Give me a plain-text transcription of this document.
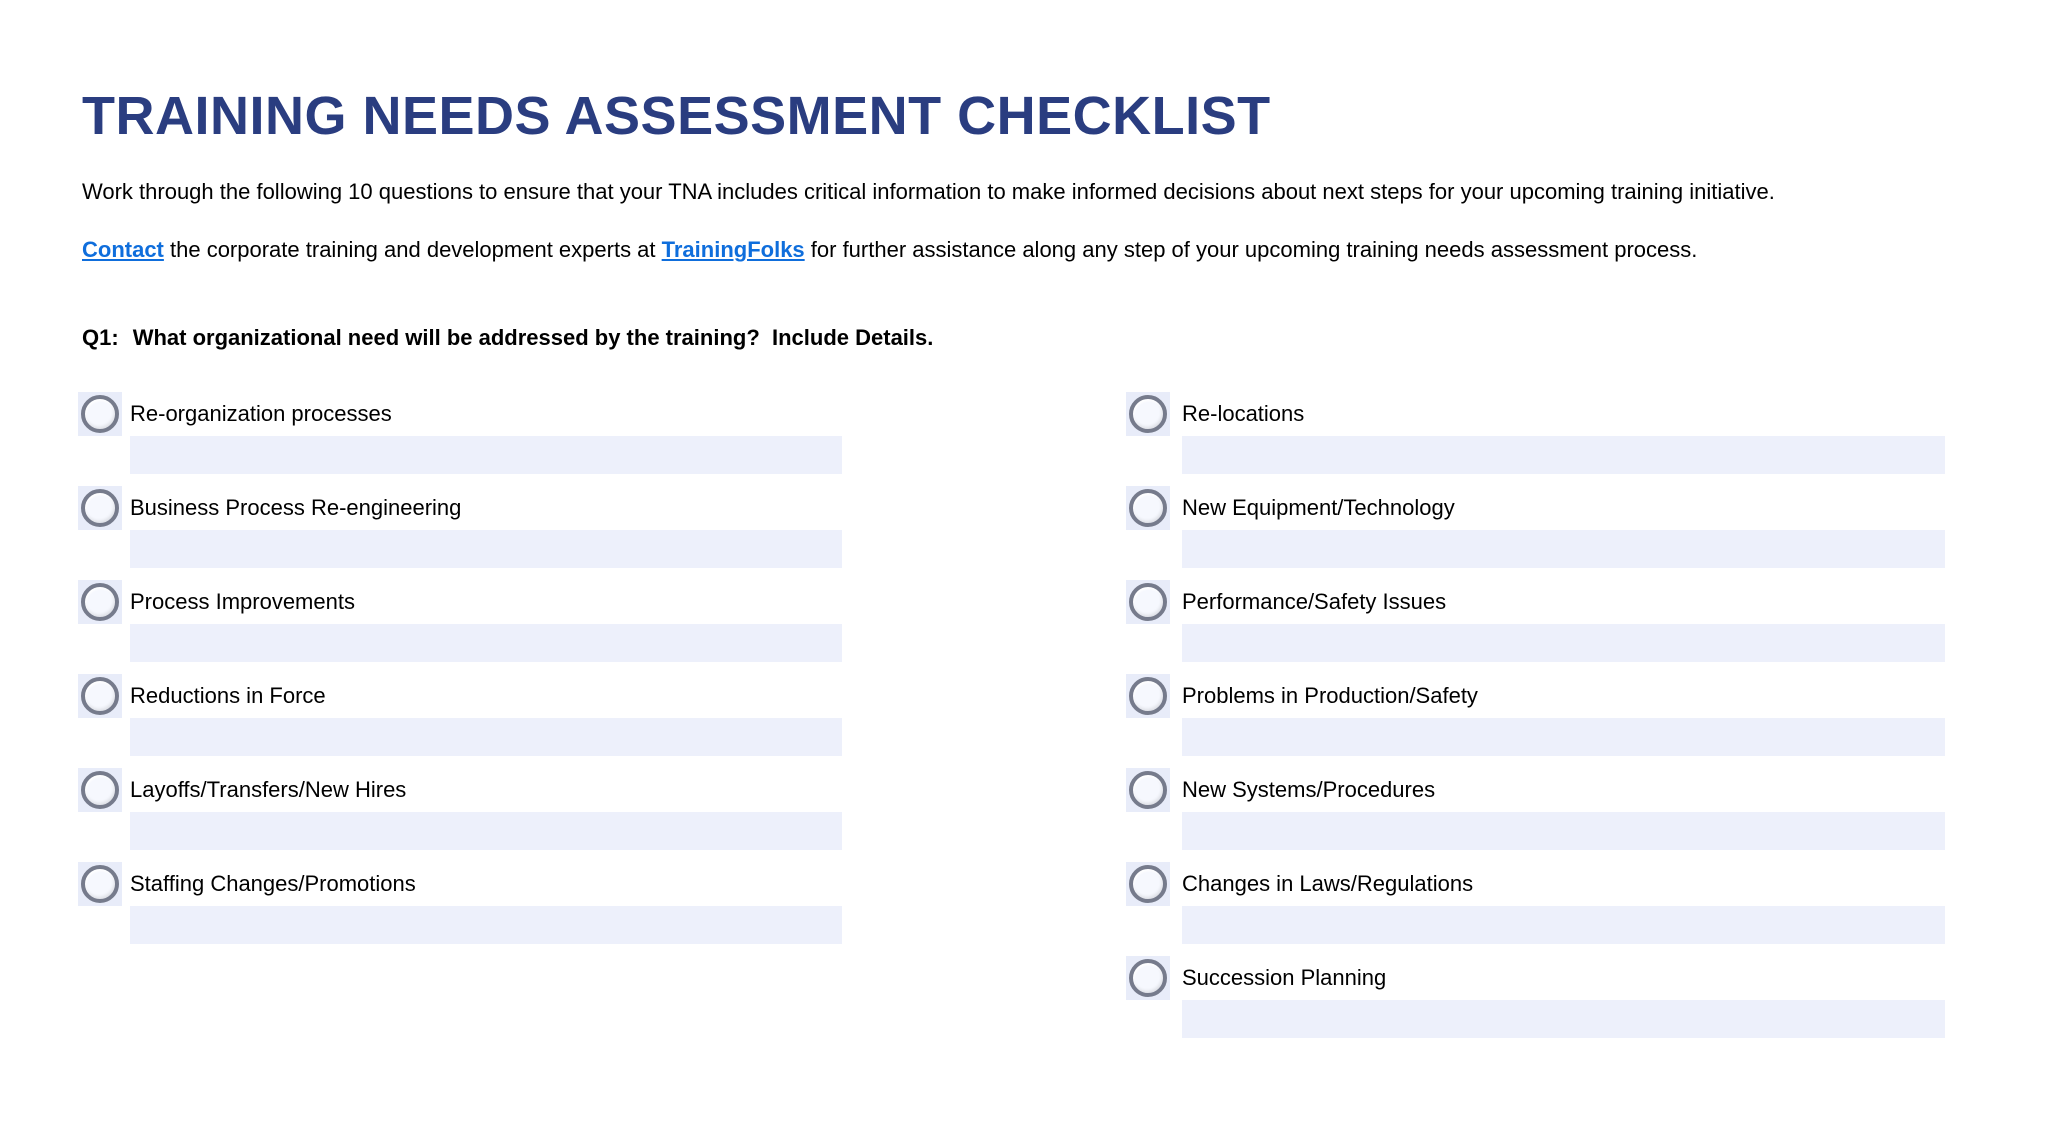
TRAINING NEEDS ASSESSMENT CHECKLIST

Work through the following 10 questions to ensure that your TNA includes critical information to make informed decisions about next steps for your upcoming training initiative.

Contact the corporate training and development experts at TrainingFolks for further assistance along any step of your upcoming training needs assessment process.

Q1: What organizational need will be addressed by the training?  Include Details.

Re-organization processes
Business Process Re-engineering
Process Improvements
Reductions in Force
Layoffs/Transfers/New Hires
Staffing Changes/Promotions
Re-locations
New Equipment/Technology
Performance/Safety Issues
Problems in Production/Safety
New Systems/Procedures
Changes in Laws/Regulations
Succession Planning
